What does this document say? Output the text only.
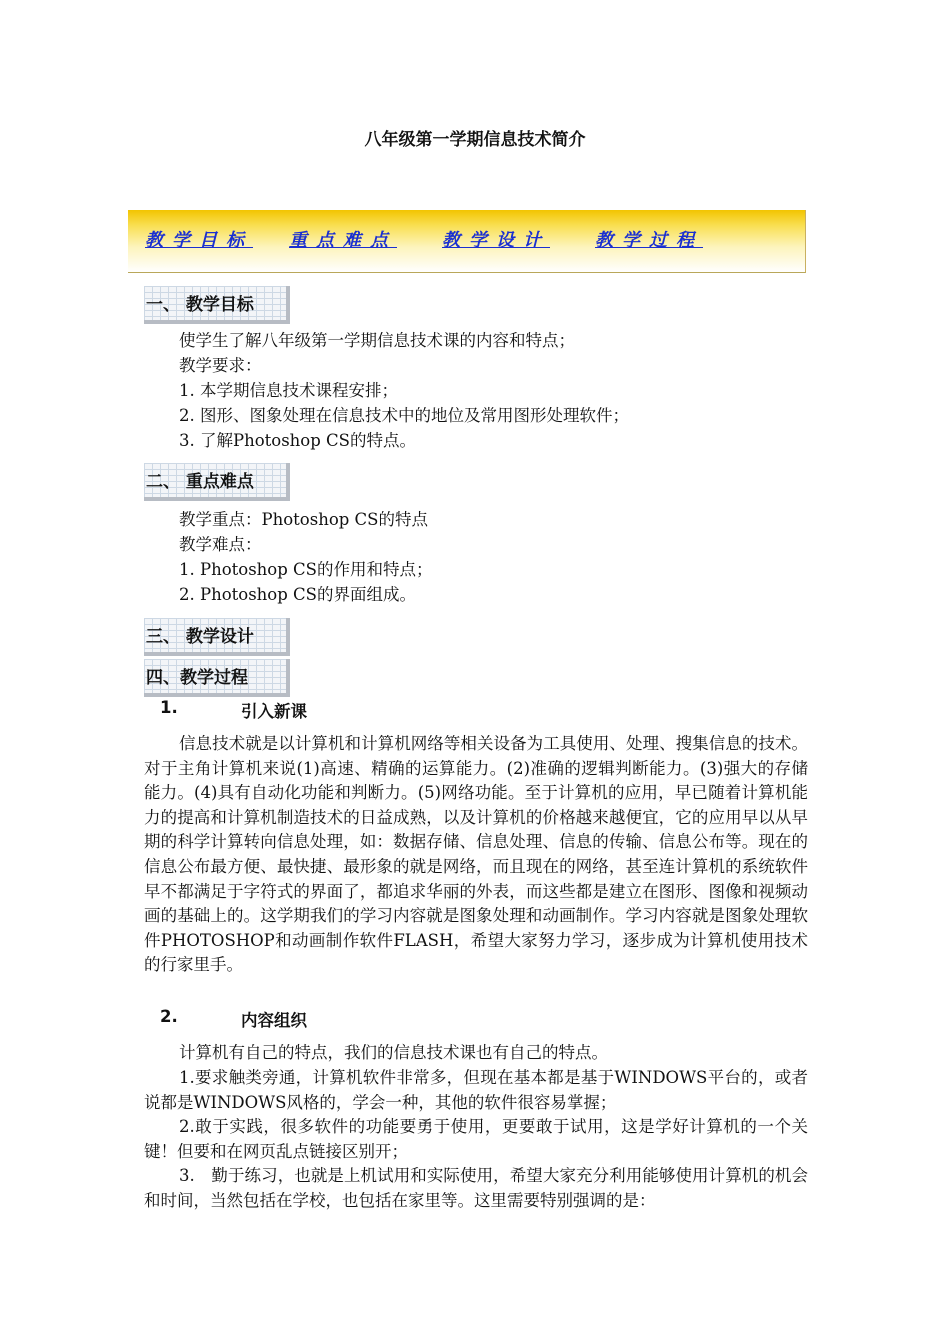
八年级第一学期信息技术简介
教学目标 重点难点	教学设计	教学过程
一、 教学目标
使学生了解八年级第一学期信息技术课的内容和特点；
教学要求：
1. 本学期信息技术课程安排；
2. 图形、图象处理在信息技术中的地位及常用图形处理软件；
3. 了解Photoshop CS的特点。
二、 重点难点
教学重点：Photoshop CS的特点
教学难点：
1. Photoshop CS的作用和特点；
2. Photoshop CS的界面组成。
三、 教学设计
四、教学过程
1.	引入新课

信息技术就是以计算机和计算机网络等相关设备为工具使用、处理、搜集信息的技术。对于主角计算机来说(1)高速、精确的运算能力。(2)准确的逻辑判断能力。(3)强大的存储能力。(4)具有自动化功能和判断力。(5)网络功能。至于计算机的应用，早已随着计算机能力的提高和计算机制造技术的日益成熟，以及计算机的价格越来越便宜，它的应用早以从早期的科学计算转向信息处理，如：数据存储、信息处理、信息的传输、信息公布等。现在的信息公布最方便、最快捷、最形象的就是网络，而且现在的网络，甚至连计算机的系统软件早不都满足于字符式的界面了，都追求华丽的外表，而这些都是建立在图形、图像和视频动画的基础上的。这学期我们的学习内容就是图象处理和动画制作。学习内容就是图象处理软件PHOTOSHOP和动画制作软件FLASH，希望大家努力学习，逐步成为计算机使用技术的行家里手。

2.	内容组织

计算机有自己的特点，我们的信息技术课也有自己的特点。

1.要求触类旁通，计算机软件非常多，但现在基本都是基于WINDOWS平台的，或者说都是WINDOWS风格的，学会一种，其他的软件很容易掌握；

2.敢于实践，很多软件的功能要勇于使用，更要敢于试用，这是学好计算机的一个关键！但要和在网页乱点链接区别开；

3.　勤于练习，也就是上机试用和实际使用，希望大家充分利用能够使用计算机的机会和时间，当然包括在学校，也包括在家里等。这里需要特别强调的是：
